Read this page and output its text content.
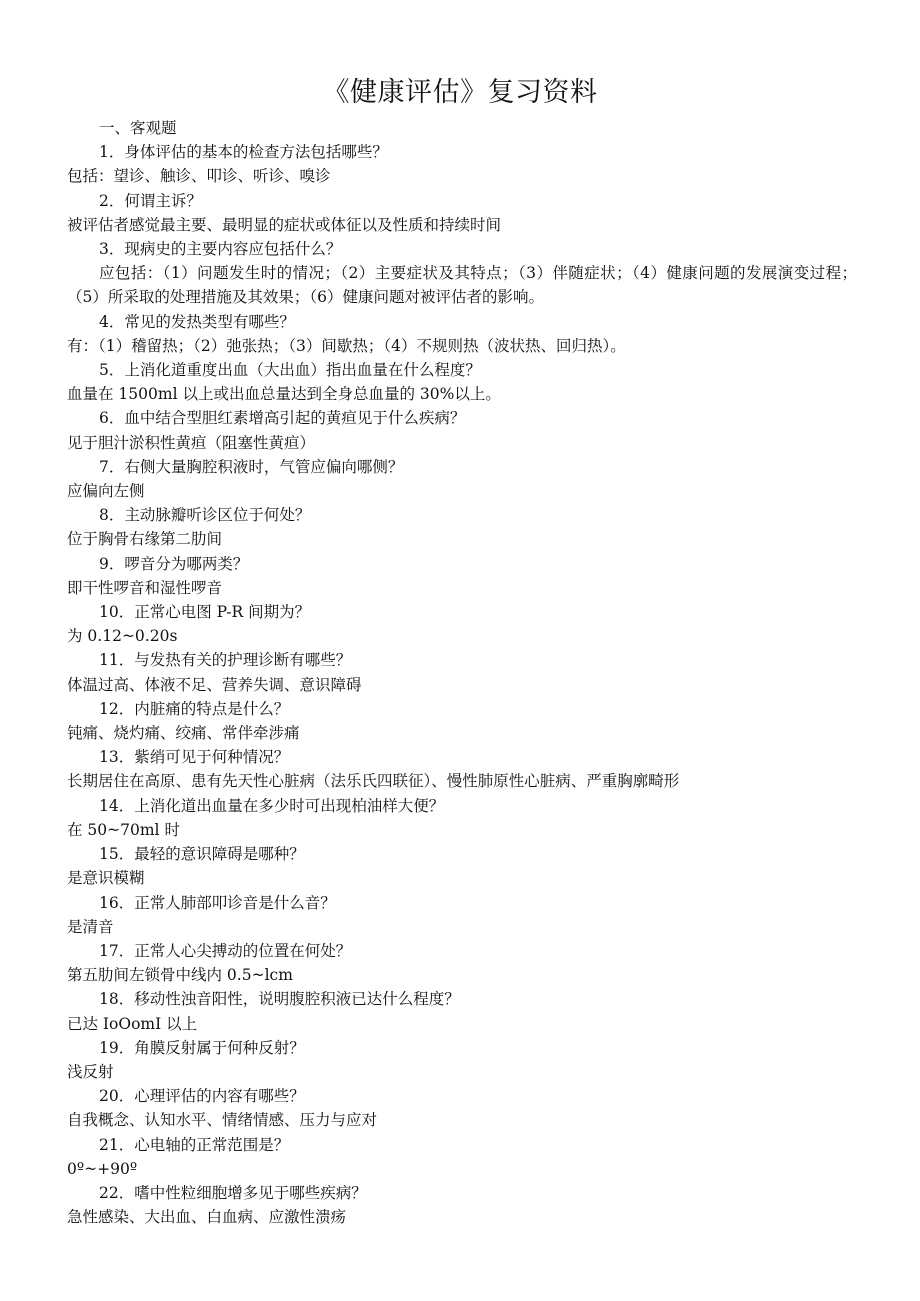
《健康评估》复习资料
一、客观题
1．身体评估的基本的检查方法包括哪些？
包括：望诊、触诊、叩诊、听诊、嗅诊
2．何谓主诉？
被评估者感觉最主要、最明显的症状或体征以及性质和持续时间
3．现病史的主要内容应包括什么？
应包括：（1）问题发生时的情况；（2）主要症状及其特点；（3）伴随症状；（4）健康问题的发展演变过程；（5）所采取的处理措施及其效果；（6）健康问题对被评估者的影响。
4．常见的发热类型有哪些？
有：（1）稽留热；（2）弛张热；（3）间歇热；（4）不规则热（波状热、回归热）。
5．上消化道重度出血（大出血）指出血量在什么程度？
血量在 1500ml 以上或出血总量达到全身总血量的 30%以上。
6．血中结合型胆红素增高引起的黄疸见于什么疾病？
见于胆汁淤积性黄疸（阻塞性黄疸）
7．右侧大量胸腔积液时，气管应偏向哪侧？
应偏向左侧
8．主动脉瓣听诊区位于何处？
位于胸骨右缘第二肋间
9．啰音分为哪两类？
即干性啰音和湿性啰音
10．正常心电图 P-R 间期为？
为 0.12~0.20s
11．与发热有关的护理诊断有哪些？
体温过高、体液不足、营养失调、意识障碍
12．内脏痛的特点是什么？
钝痛、烧灼痛、绞痛、常伴牵涉痛
13．紫绡可见于何种情况？
长期居住在高原、患有先天性心脏病（法乐氏四联征）、慢性肺原性心脏病、严重胸廓畸形
14．上消化道出血量在多少时可出现柏油样大便？
在 50~70ml 时
15．最轻的意识障碍是哪种？
是意识模糊
16．正常人肺部叩诊音是什么音？
是清音
17．正常人心尖搏动的位置在何处？
第五肋间左锁骨中线内 0.5~lcm
18．移动性浊音阳性，说明腹腔积液已达什么程度？
已达 IoOomI 以上
19．角膜反射属于何种反射？
浅反射
20．心理评估的内容有哪些？
自我概念、认知水平、情绪情感、压力与应对
21．心电轴的正常范围是？
0º~+90º
22．嗜中性粒细胞增多见于哪些疾病？
急性感染、大出血、白血病、应激性溃疡
